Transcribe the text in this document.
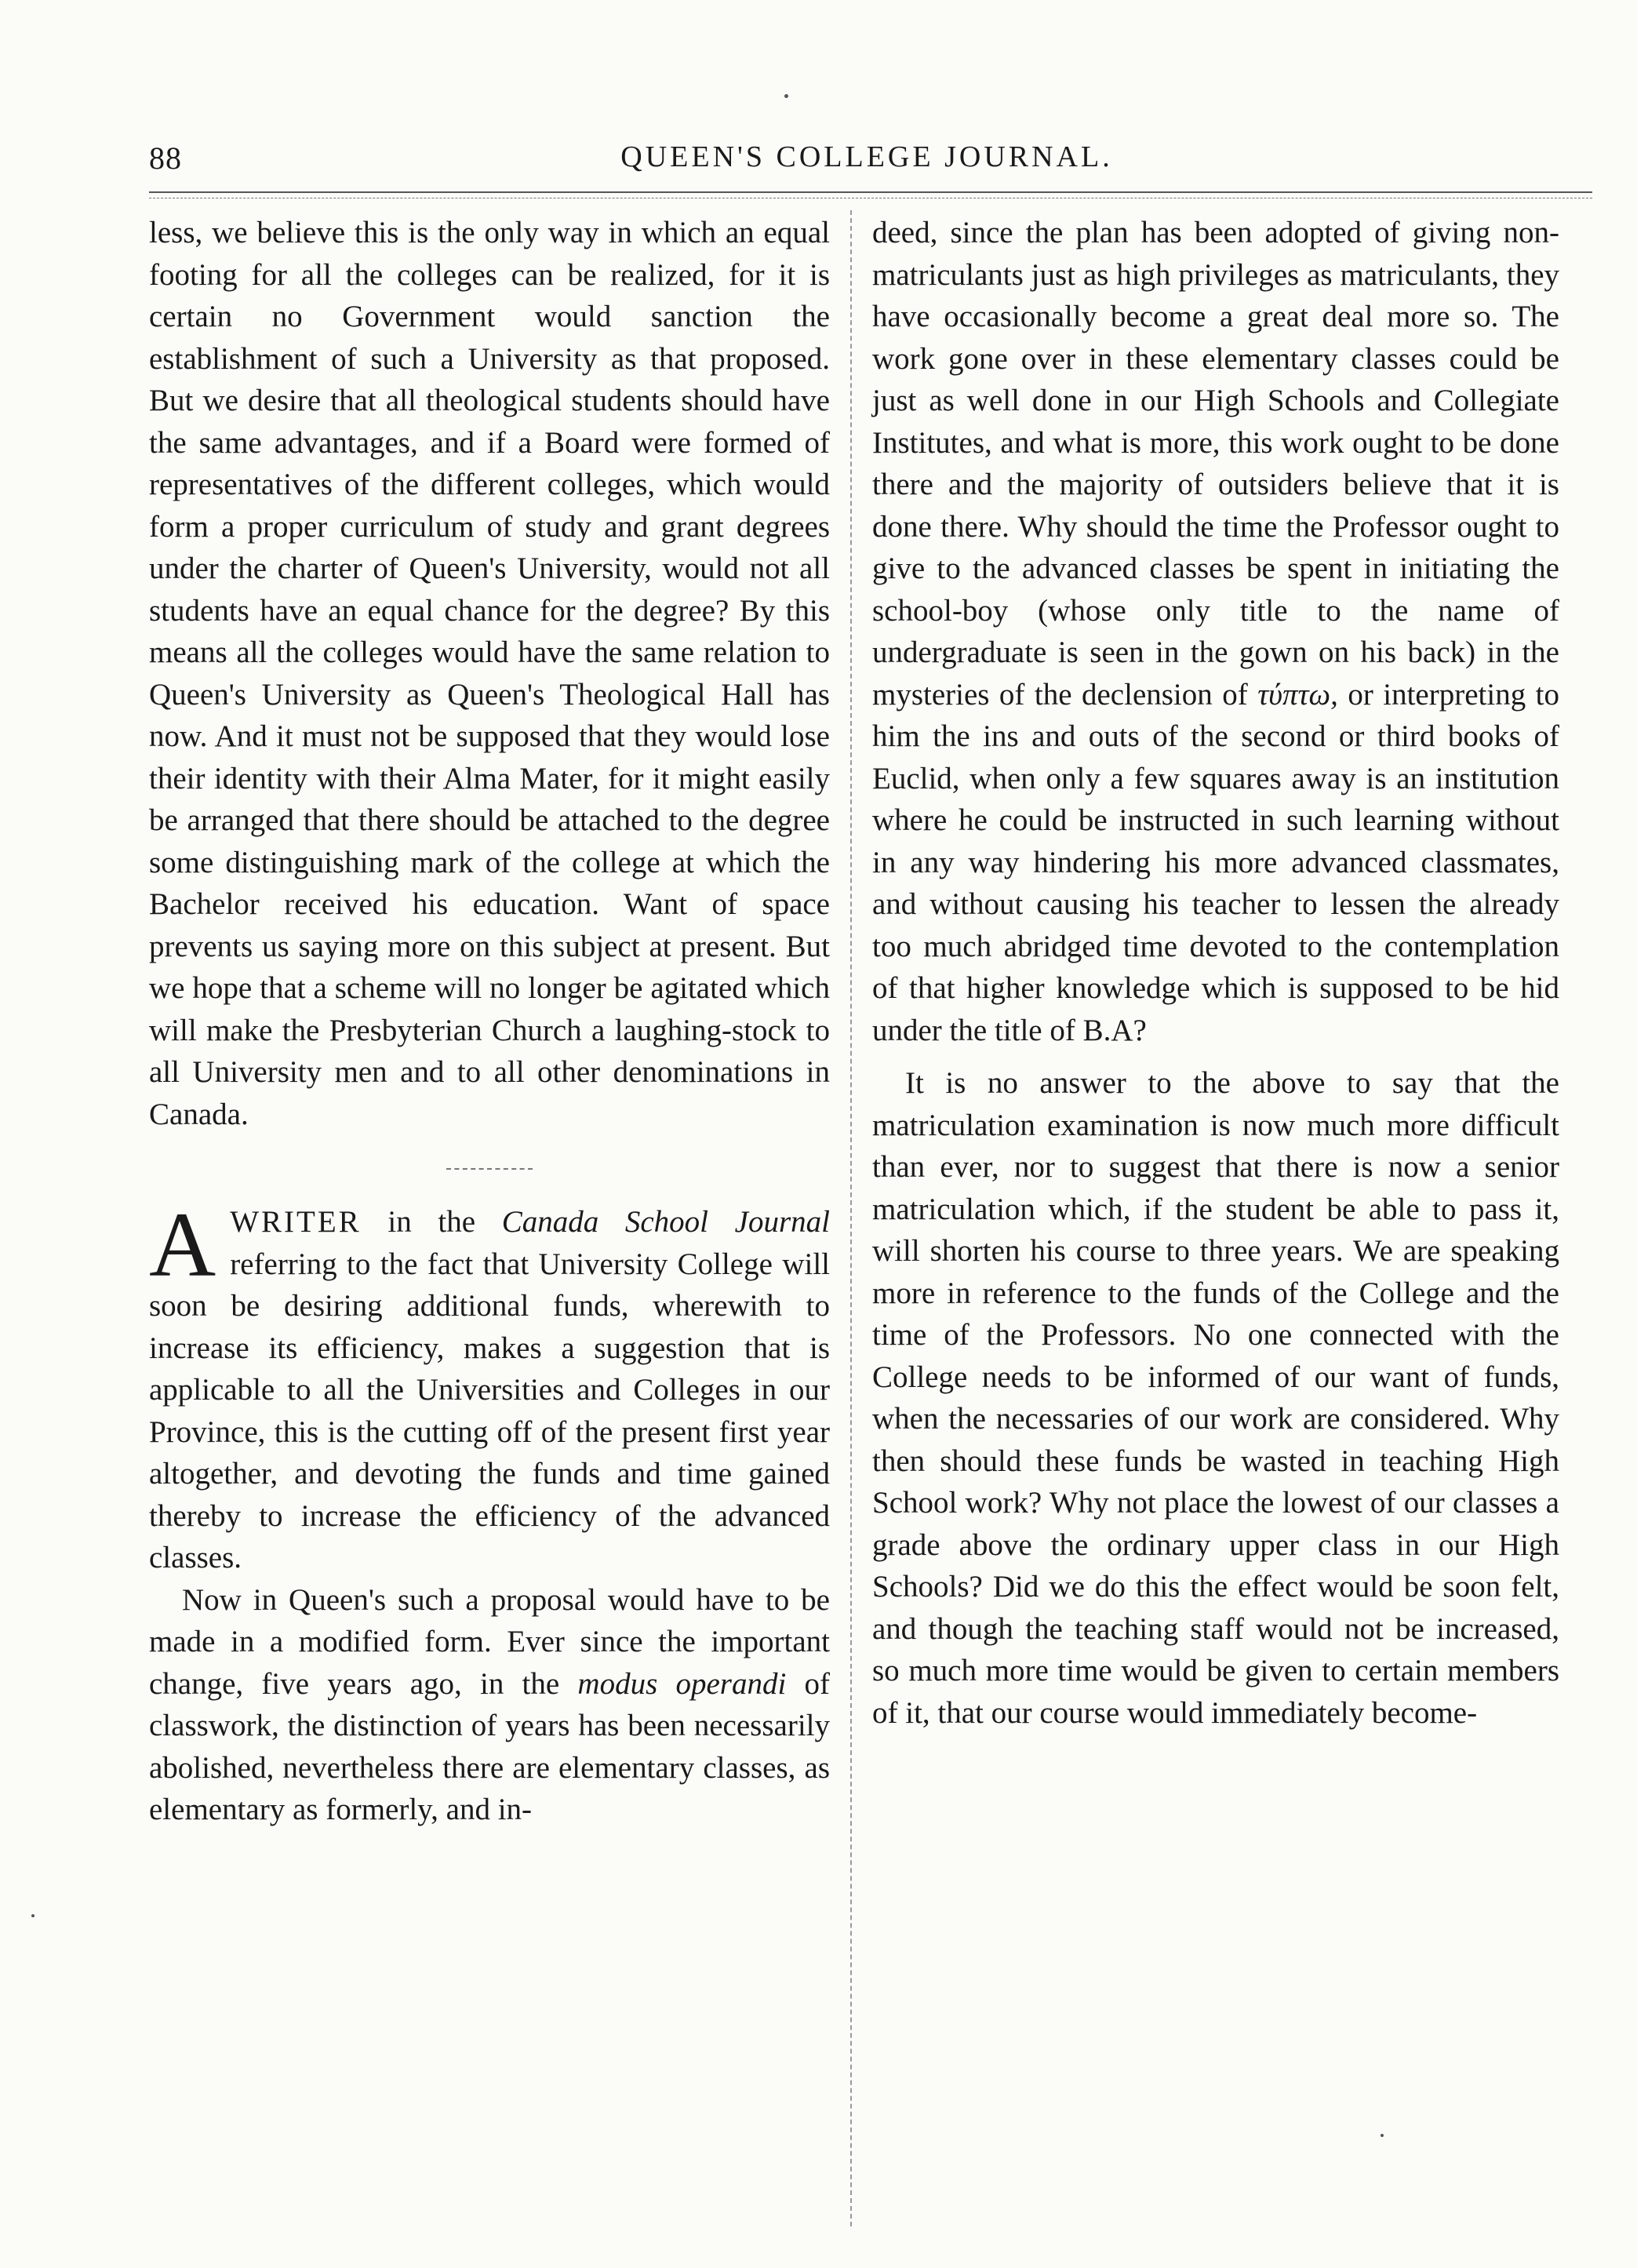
88	QUEEN'S COLLEGE JOURNAL.

less, we believe this is the only way in which an equal footing for all the colleges can be realized, for it is certain no Government would sanction the establishment of such a University as that proposed. But we desire that all theological students should have the same advantages, and if a Board were formed of representatives of the different colleges, which would form a proper curriculum of study and grant degrees under the charter of Queen's University, would not all students have an equal chance for the degree? By this means all the colleges would have the same relation to Queen's University as Queen's Theological Hall has now. And it must not be supposed that they would lose their identity with their Alma Mater, for it might easily be arranged that there should be attached to the degree some distinguishing mark of the college at which the Bachelor received his education. Want of space prevents us saying more on this subject at present. But we hope that a scheme will no longer be agitated which will make the Presbyterian Church a laughing-stock to all University men and to all other denominations in Canada.

A WRITER in the Canada School Journal referring to the fact that University College will soon be desiring additional funds, wherewith to increase its efficiency, makes a suggestion that is applicable to all the Universities and Colleges in our Province, this is the cutting off of the present first year altogether, and devoting the funds and time gained thereby to increase the efficiency of the advanced classes.

Now in Queen's such a proposal would have to be made in a modified form. Ever since the important change, five years ago, in the modus operandi of classwork, the distinction of years has been necessarily abolished, nevertheless there are elementary classes, as elementary as formerly, and in-

deed, since the plan has been adopted of giving non-matriculants just as high privileges as matriculants, they have occasionally become a great deal more so. The work gone over in these elementary classes could be just as well done in our High Schools and Collegiate Institutes, and what is more, this work ought to be done there and the majority of outsiders believe that it is done there. Why should the time the Professor ought to give to the advanced classes be spent in initiating the school-boy (whose only title to the name of undergraduate is seen in the gown on his back) in the mysteries of the declension of τύπτω, or interpreting to him the ins and outs of the second or third books of Euclid, when only a few squares away is an institution where he could be instructed in such learning without in any way hindering his more advanced classmates, and without causing his teacher to lessen the already too much abridged time devoted to the contemplation of that higher knowledge which is supposed to be hid under the title of B.A?

It is no answer to the above to say that the matriculation examination is now much more difficult than ever, nor to suggest that there is now a senior matriculation which, if the student be able to pass it, will shorten his course to three years. We are speaking more in reference to the funds of the College and the time of the Professors. No one connected with the College needs to be informed of our want of funds, when the necessaries of our work are considered. Why then should these funds be wasted in teaching High School work? Why not place the lowest of our classes a grade above the ordinary upper class in our High Schools? Did we do this the effect would be soon felt, and though the teaching staff would not be increased, so much more time would be given to certain members of it, that our course would immediately become-
